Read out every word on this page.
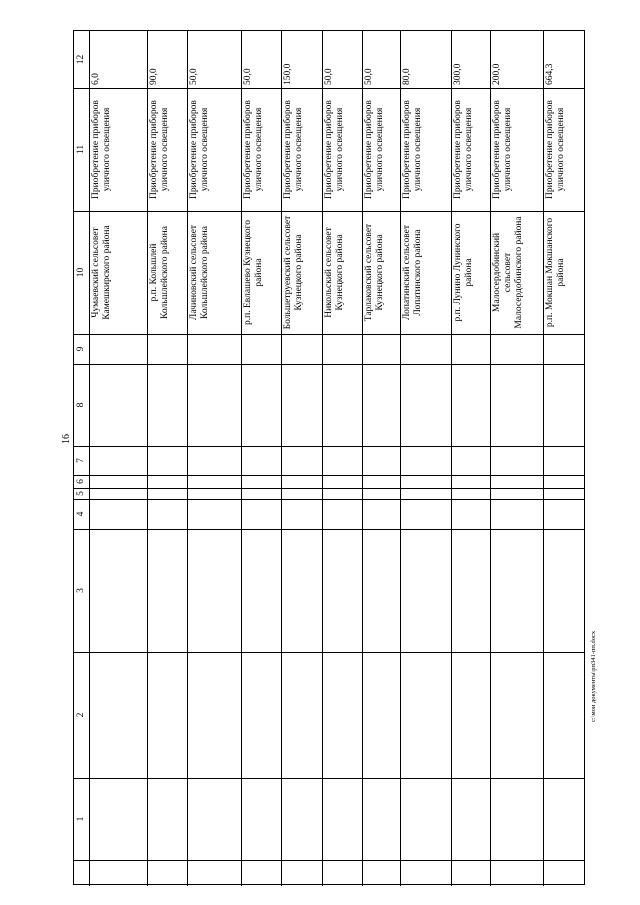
16
c:\мои документы\рп341-пп.docx
12
11
10
9
8
7
6
5
4
3
2
1
6,0
Приобретение приборов уличного освещения
Чумаевский сельсовет Камешкирского района
90,0
Приобретение приборов уличного освещения
р.п. Кольшлей Кольшлейского района
50,0
Приобретение приборов уличного освещения
Лачиновский сельсовет Кольшлейского района
50,0
Приобретение приборов уличного освещения
р.п. Евлашево Кузнецкого района
150,0
Приобретение приборов уличного освещения
Большетруевский сельсовет Кузнецкого района
50,0
Приобретение приборов уличного освещения
Никольский сельсовет Кузнецкого района
50,0
Приобретение приборов уличного освещения
Тарлаковский сельсовет Кузнецкого района
80,0
Приобретение приборов уличного освещения
Лопатинский сельсовет Лопатинского района
300,0
Приобретение приборов уличного освещения
р.п. Лунино Лунинского района
200,0
Приобретение приборов уличного освещения
Малосердобинский сельсовет Малосердобинского района
664,3
Приобретение приборов уличного освещения
р.п. Мокшан Мокшанского района
